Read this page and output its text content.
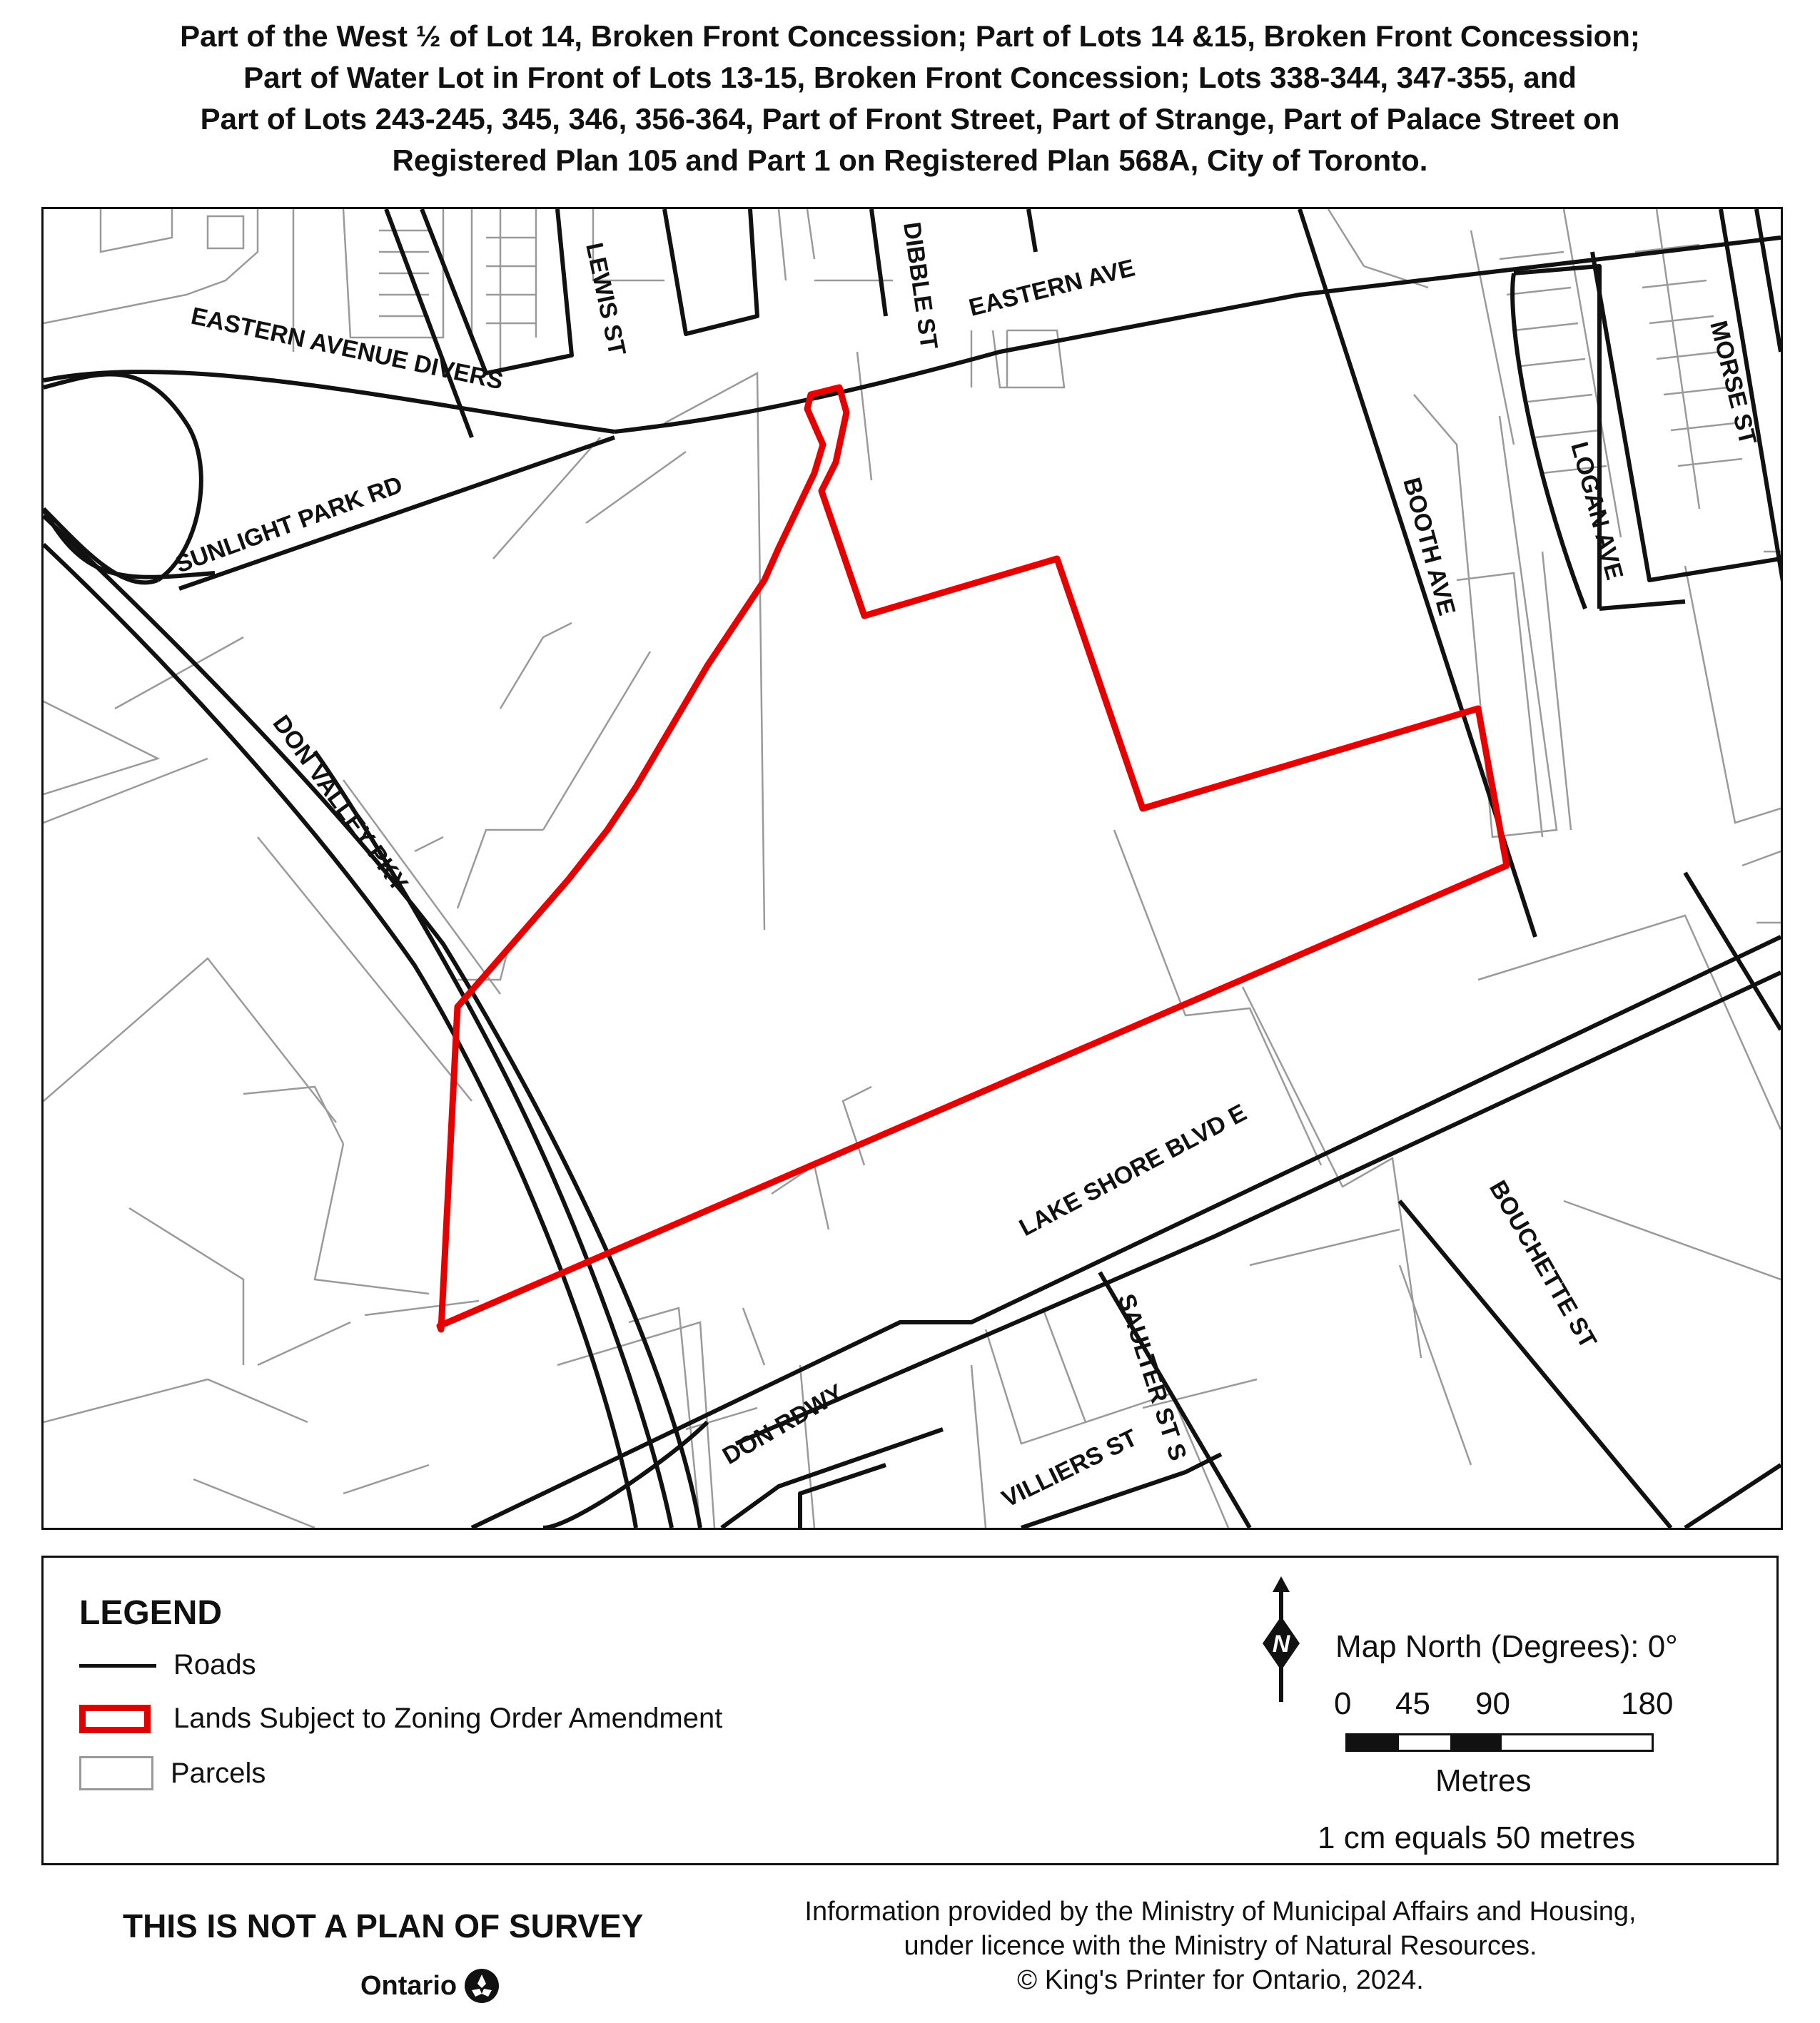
Part of the West ½ of Lot 14, Broken Front Concession; Part of Lots 14 &15, Broken Front Concession;
Part of Water Lot in Front of Lots 13-15, Broken Front Concession; Lots 338-344, 347-355, and
Part of Lots 243-245, 345, 346, 356-364, Part of Front Street, Part of Strange, Part of Palace Street on
Registered Plan 105 and Part 1 on Registered Plan 568A, City of Toronto.
EASTERN AVENUE DIVERS	LEWIS ST	DIBBLE ST EASTERN AVE
SUNLIGHT PARK RD
MORSE ST
LOGAN AVE
BOOTH AVE
DON VALLEY PKY
LAKE SHORE BLVD E
BOUCHETTE ST
SAULTER ST S
DON RDWY	VILLIERS ST
LEGEND
Roads
Lands Subject to Zoning Order Amendment
Parcels
N Map North (Degrees): 0°
0 45 90	180
Metres
1 cm equals 50 metres
THIS IS NOT A PLAN OF SURVEY
Ontario
Information provided by the Ministry of Municipal Affairs and Housing,
under licence with the Ministry of Natural Resources.
© King's Printer for Ontario, 2024.
